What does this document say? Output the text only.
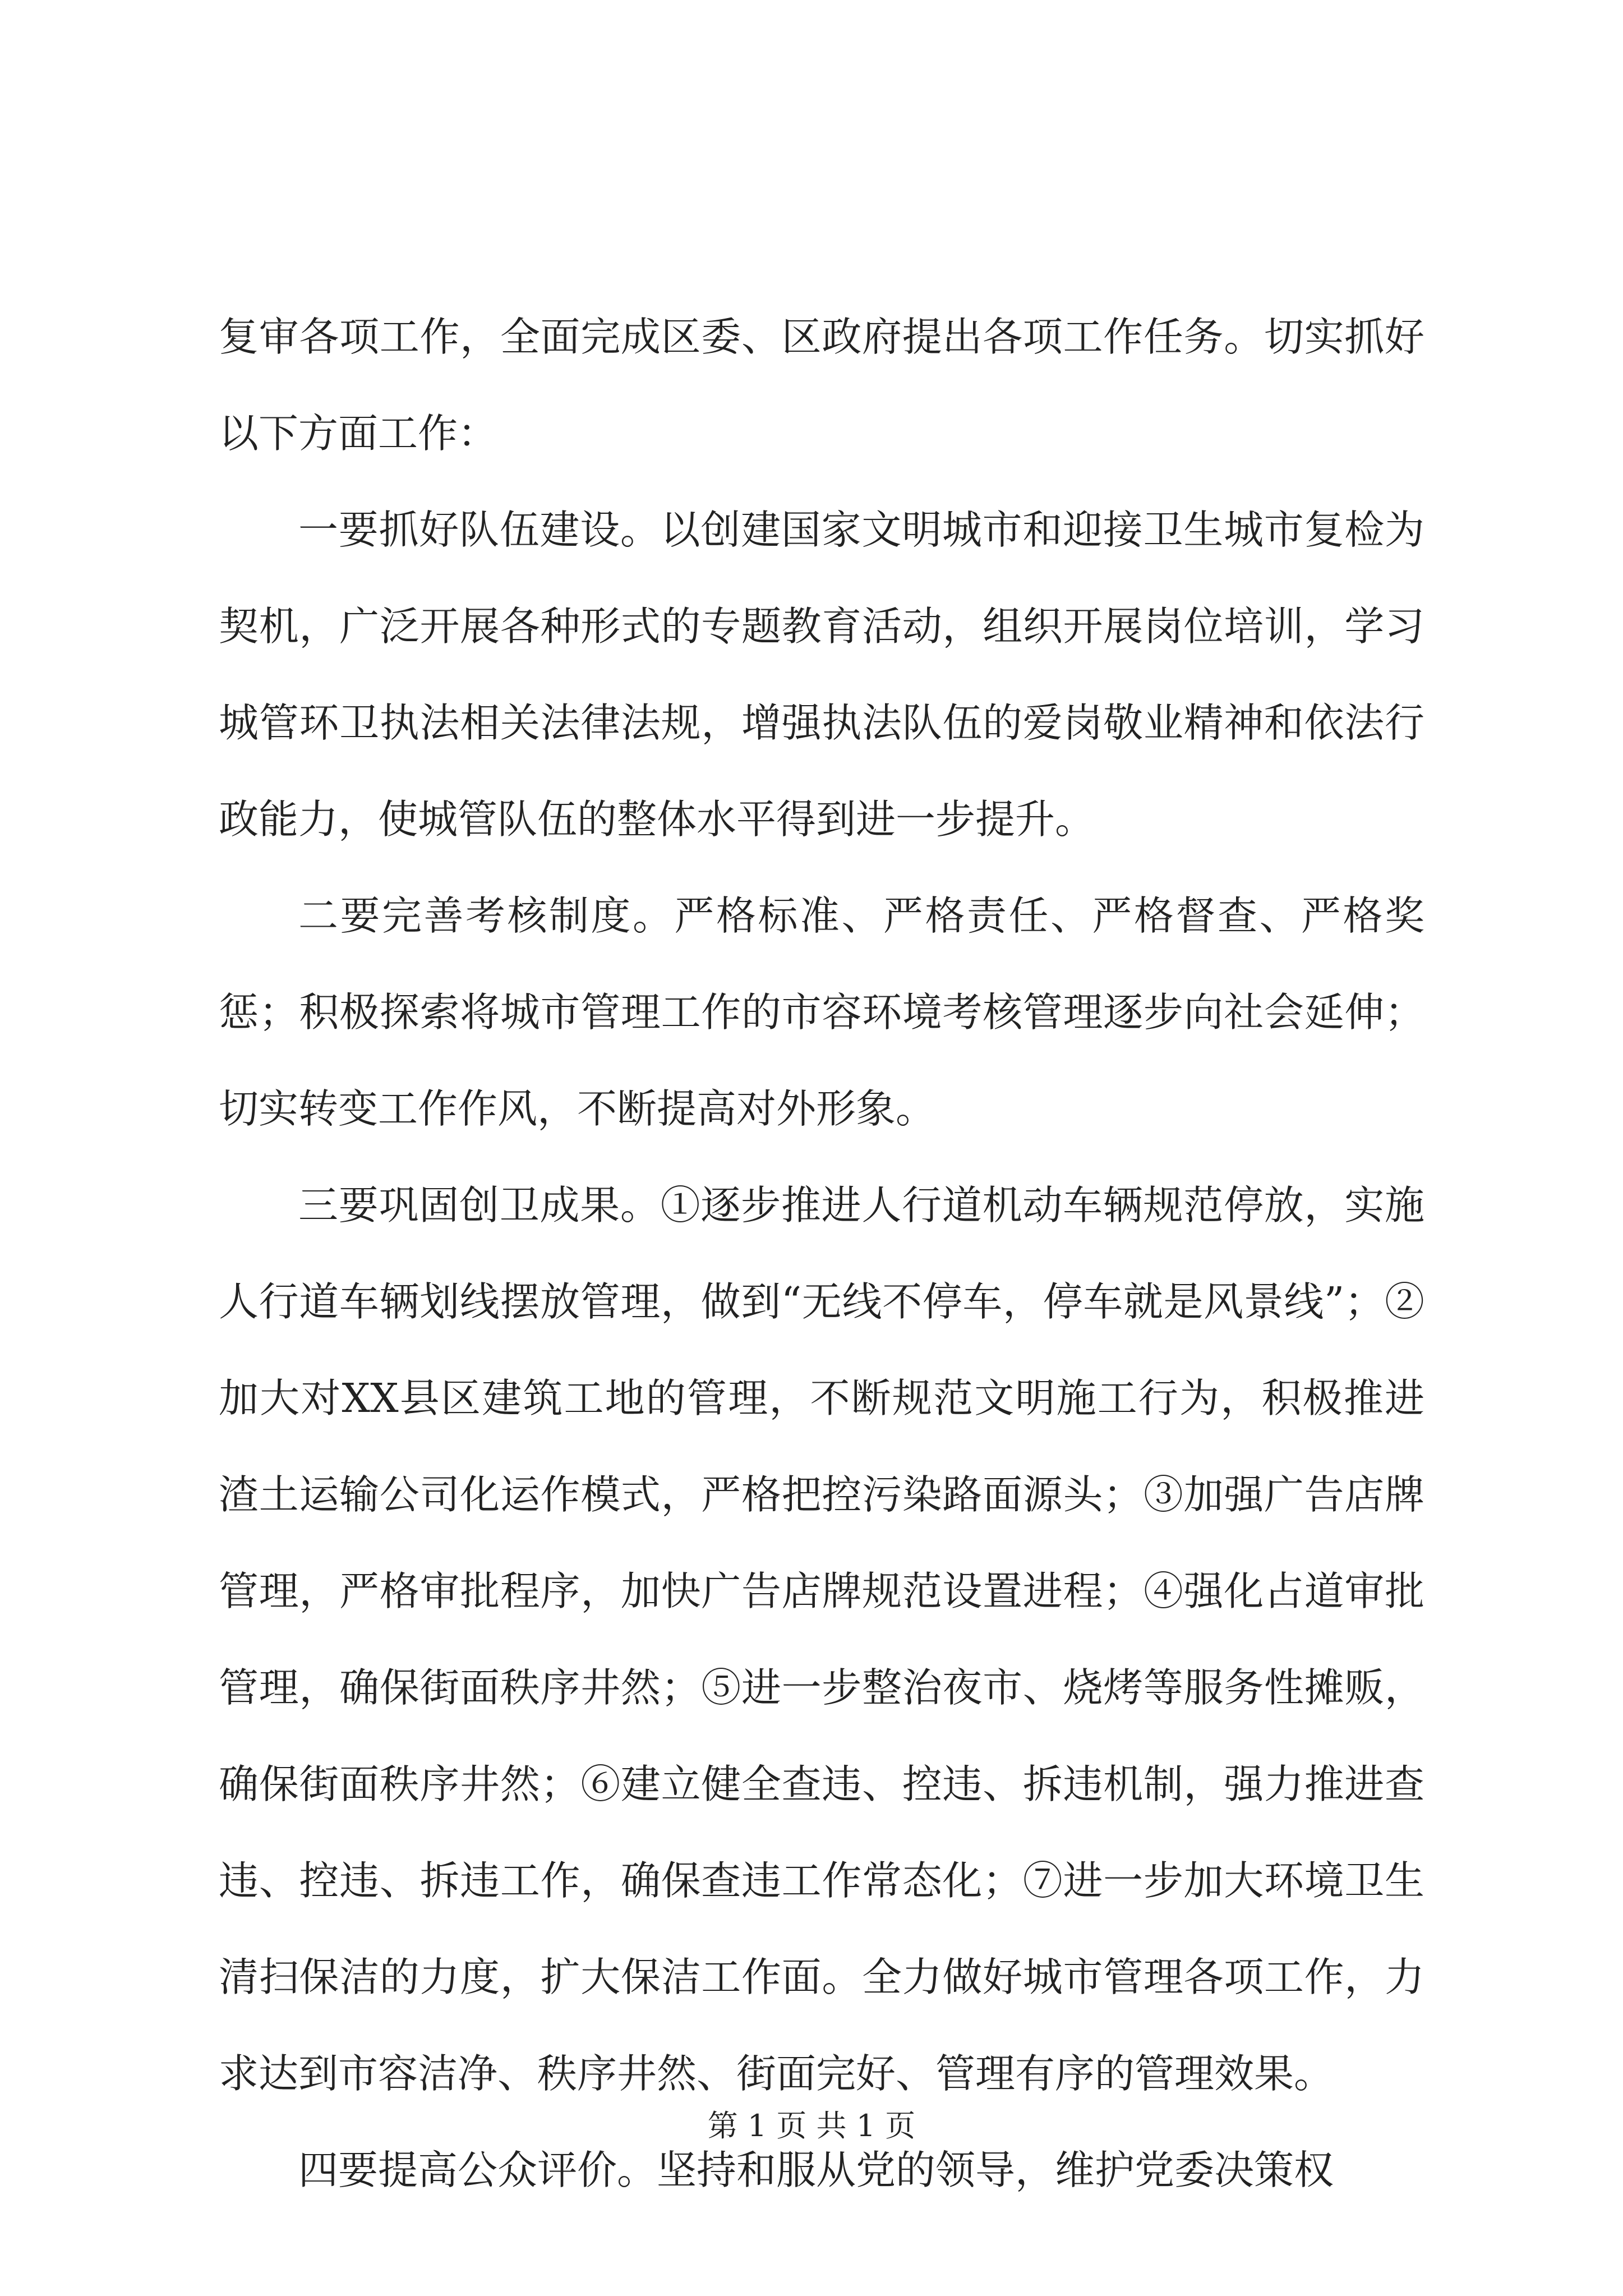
复审各项工作，全面完成区委、区政府提出各项工作任务。切实抓好以下方面工作：

一要抓好队伍建设。以创建国家文明城市和迎接卫生城市复检为契机，广泛开展各种形式的专题教育活动，组织开展岗位培训，学习城管环卫执法相关法律法规，增强执法队伍的爱岗敬业精神和依法行政能力，使城管队伍的整体水平得到进一步提升。

二要完善考核制度。严格标准、严格责任、严格督查、严格奖惩；积极探索将城市管理工作的市容环境考核管理逐步向社会延伸；切实转变工作作风，不断提高对外形象。

三要巩固创卫成果。①逐步推进人行道机动车辆规范停放，实施人行道车辆划线摆放管理，做到“无线不停车，停车就是风景线”；②加大对XX县区建筑工地的管理，不断规范文明施工行为，积极推进渣土运输公司化运作模式，严格把控污染路面源头；③加强广告店牌管理，严格审批程序，加快广告店牌规范设置进程；④强化占道审批管理，确保街面秩序井然；⑤进一步整治夜市、烧烤等服务性摊贩，确保街面秩序井然；⑥建立健全查违、控违、拆违机制，强力推进查违、控违、拆违工作，确保查违工作常态化；⑦进一步加大环境卫生清扫保洁的力度，扩大保洁工作面。全力做好城市管理各项工作，力求达到市容洁净、秩序井然、街面完好、管理有序的管理效果。

四要提高公众评价。坚持和服从党的领导，维护党委决策权

第 1 页 共 1 页
